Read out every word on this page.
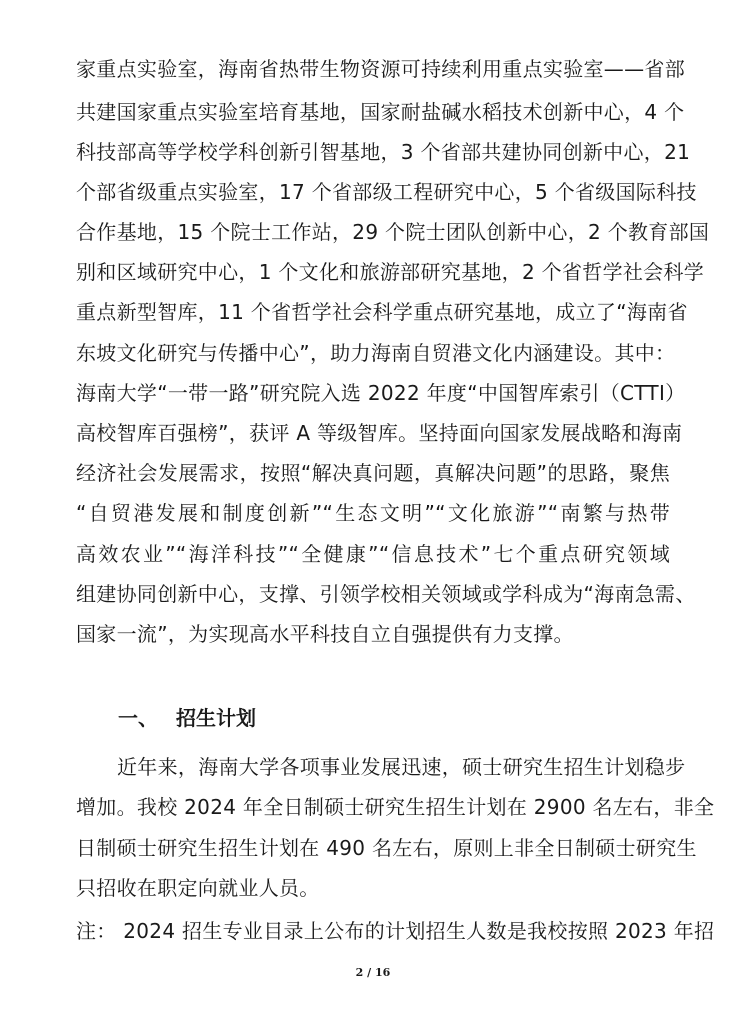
家重点实验室，海南省热带生物资源可持续利用重点实验室——省部
共建国家重点实验室培育基地，国家耐盐碱水稻技术创新中心，4 个
科技部高等学校学科创新引智基地，3 个省部共建协同创新中心，21
个部省级重点实验室，17 个省部级工程研究中心，5 个省级国际科技
合作基地，15 个院士工作站，29 个院士团队创新中心，2 个教育部国
别和区域研究中心，1 个文化和旅游部研究基地，2 个省哲学社会科学
重点新型智库，11 个省哲学社会科学重点研究基地，成立了“海南省
东坡文化研究与传播中心”，助力海南自贸港文化内涵建设。其中：
海南大学“一带一路”研究院入选 2022 年度“中国智库索引（CTTI）
高校智库百强榜”，获评 A 等级智库。坚持面向国家发展战略和海南
经济社会发展需求，按照“解决真问题，真解决问题”的思路，聚焦
“自贸港发展和制度创新”“生态文明”“文化旅游”“南繁与热带
高效农业”“海洋科技”“全健康”“信息技术”七个重点研究领域
组建协同创新中心，支撑、引领学校相关领域或学科成为“海南急需、
国家一流”，为实现高水平科技自立自强提供有力支撑。
一、 招生计划
近年来，海南大学各项事业发展迅速，硕士研究生招生计划稳步
增加。我校 2024 年全日制硕士研究生招生计划在 2900 名左右，非全
日制硕士研究生招生计划在 490 名左右，原则上非全日制硕士研究生
只招收在职定向就业人员。
注： 2024 招生专业目录上公布的计划招生人数是我校按照 2023 年招
2 / 16
